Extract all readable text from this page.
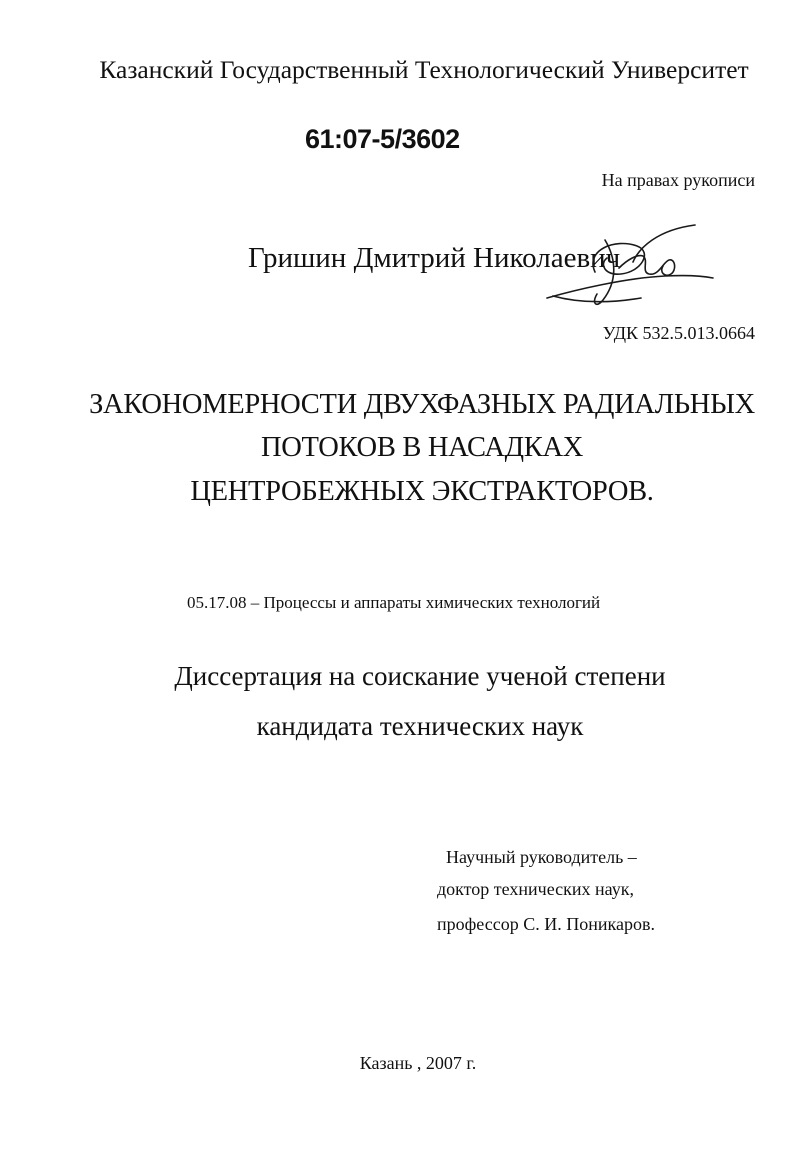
Казанский Государственный Технологический Университет
61:07-5/3602
На правах рукописи
Гришин Дмитрий Николаевич
УДК 532.5.013.0664
ЗАКОНОМЕРНОСТИ ДВУХФАЗНЫХ РАДИАЛЬНЫХ
ПОТОКОВ В НАСАДКАХ
ЦЕНТРОБЕЖНЫХ ЭКСТРАКТОРОВ.
05.17.08 – Процессы и аппараты химических технологий
Диссертация на соискание ученой степени
кандидата технических наук
Научный руководитель –
доктор технических наук,
профессор С. И. Поникаров.
Казань , 2007 г.
